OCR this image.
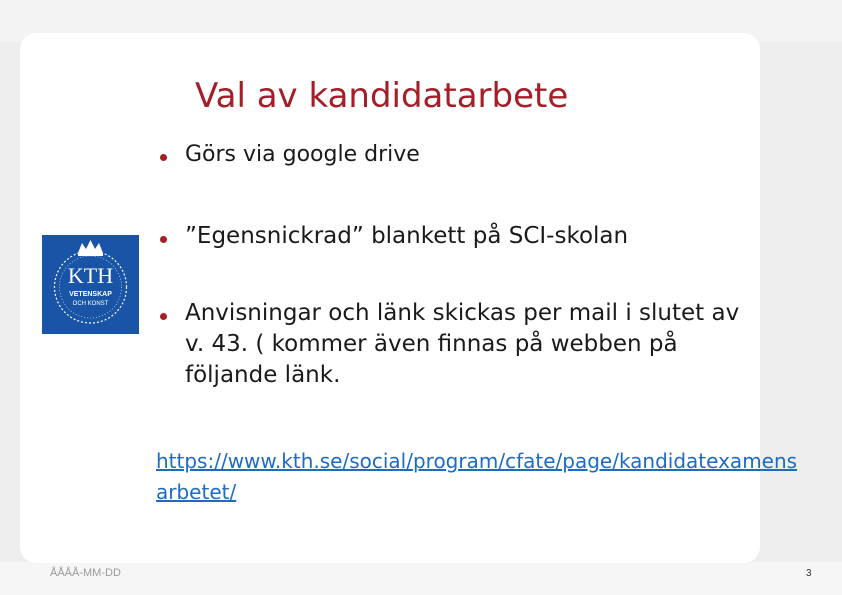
KTH
VETENSKAP
OCH KONST
Val av kandidatarbete
Görs via google drive
”Egensnickrad” blankett på SCI-skolan
Anvisningar och länk skickas per mail i slutet av v. 43. ( kommer även finnas på webben på följande länk.
https://www.kth.se/social/program/cfate/page/kandidatexamensarbetet/
ÅÅÅÅ-MM-DD	3
